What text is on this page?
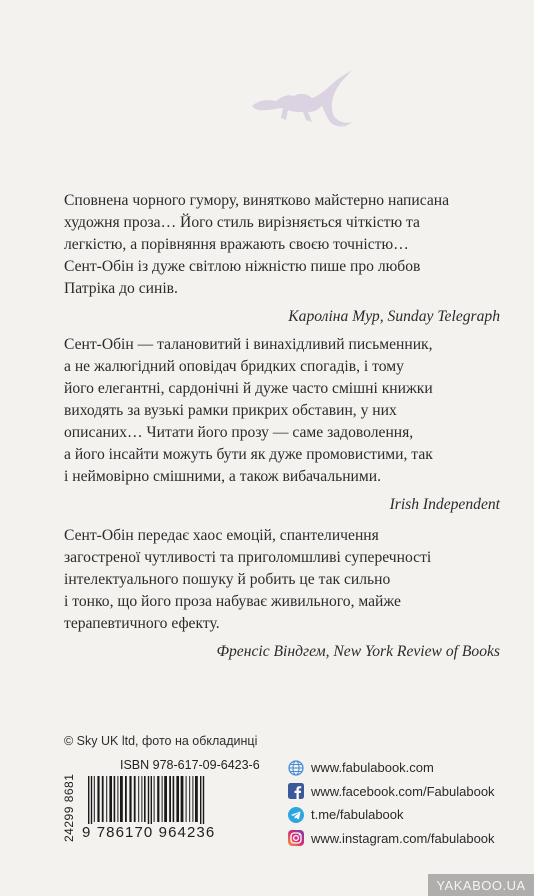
Сповнена чорного гумору, винятково майстерно написана
художня проза… Його стиль вирізняється чіткістю та
легкістю, а порівняння вражають своєю точністю…
Сент-Обін із дуже світлою ніжністю пише про любов
Патріка до синів.
Кароліна Мур, Sunday Telegraph
Сент-Обін — талановитий і винахідливий письменник,
а не жалюгідний оповідач бридких спогадів, і тому
його елегантні, сардонічні й дуже часто смішні книжки
виходять за вузькі рамки прикрих обставин, у них
описаних… Читати його прозу — саме задоволення,
а його інсайти можуть бути як дуже промовистими, так
і неймовірно смішними, а також вибачальними.
Irish Independent
Сент-Обін передає хаос емоцій, спантеличення
загостреної чутливості та приголомшливі суперечності
інтелектуального пошуку й робить це так сильно
і тонко, що його проза набуває живильного, майже
терапевтичного ефекту.
Френсіс Віндгем, New York Review of Books
© Sky UK ltd, фото на обкладинці
24299 8681
ISBN 978-617-09-6423-6
9 786170 964236
www.fabulabook.com
www.facebook.com/Fabulabook
t.me/fabulabook
www.instagram.com/fabulabook
YAKABOO.UA
